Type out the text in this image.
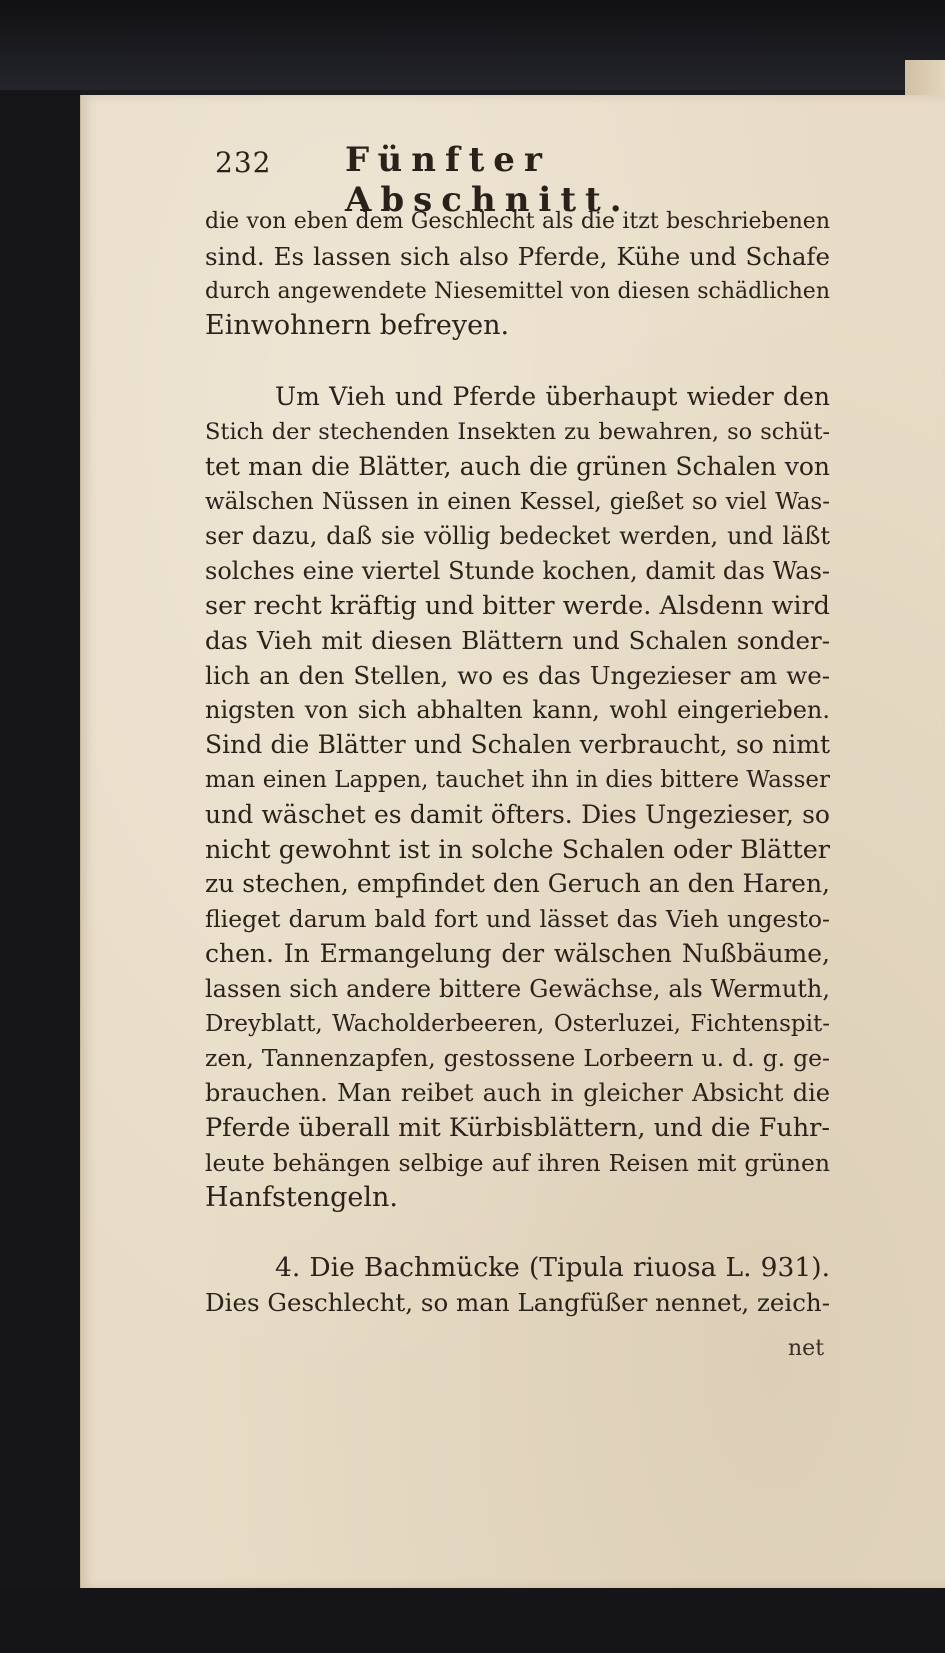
232 Fünfter Abschnitt.
die von eben dem Geschlecht als die itzt beschriebenen
sind. Es lassen sich also Pferde, Kühe und Schafe
durch angewendete Niesemittel von diesen schädlichen
Einwohnern befreyen.
Um Vieh und Pferde überhaupt wieder den
Stich der stechenden Insekten zu bewahren, so schüt-
tet man die Blätter, auch die grünen Schalen von
wälschen Nüssen in einen Kessel, gießet so viel Was-
ser dazu, daß sie völlig bedecket werden, und läßt
solches eine viertel Stunde kochen, damit das Was-
ser recht kräftig und bitter werde. Alsdenn wird
das Vieh mit diesen Blättern und Schalen sonder-
lich an den Stellen, wo es das Ungezieser am we-
nigsten von sich abhalten kann, wohl eingerieben.
Sind die Blätter und Schalen verbraucht, so nimt
man einen Lappen, tauchet ihn in dies bittere Wasser
und wäschet es damit öfters. Dies Ungezieser, so
nicht gewohnt ist in solche Schalen oder Blätter
zu stechen, empfindet den Geruch an den Haren,
flieget darum bald fort und lässet das Vieh ungesto-
chen. In Ermangelung der wälschen Nußbäume,
lassen sich andere bittere Gewächse, als Wermuth,
Dreyblatt, Wacholderbeeren, Osterluzei, Fichtenspit-
zen, Tannenzapfen, gestossene Lorbeern u. d. g. ge-
brauchen. Man reibet auch in gleicher Absicht die
Pferde überall mit Kürbisblättern, und die Fuhr-
leute behängen selbige auf ihren Reisen mit grünen
Hanfstengeln.
4. Die Bachmücke (Tipula riuosa L. 931).
Dies Geschlecht, so man Langfüßer nennet, zeich-
net
